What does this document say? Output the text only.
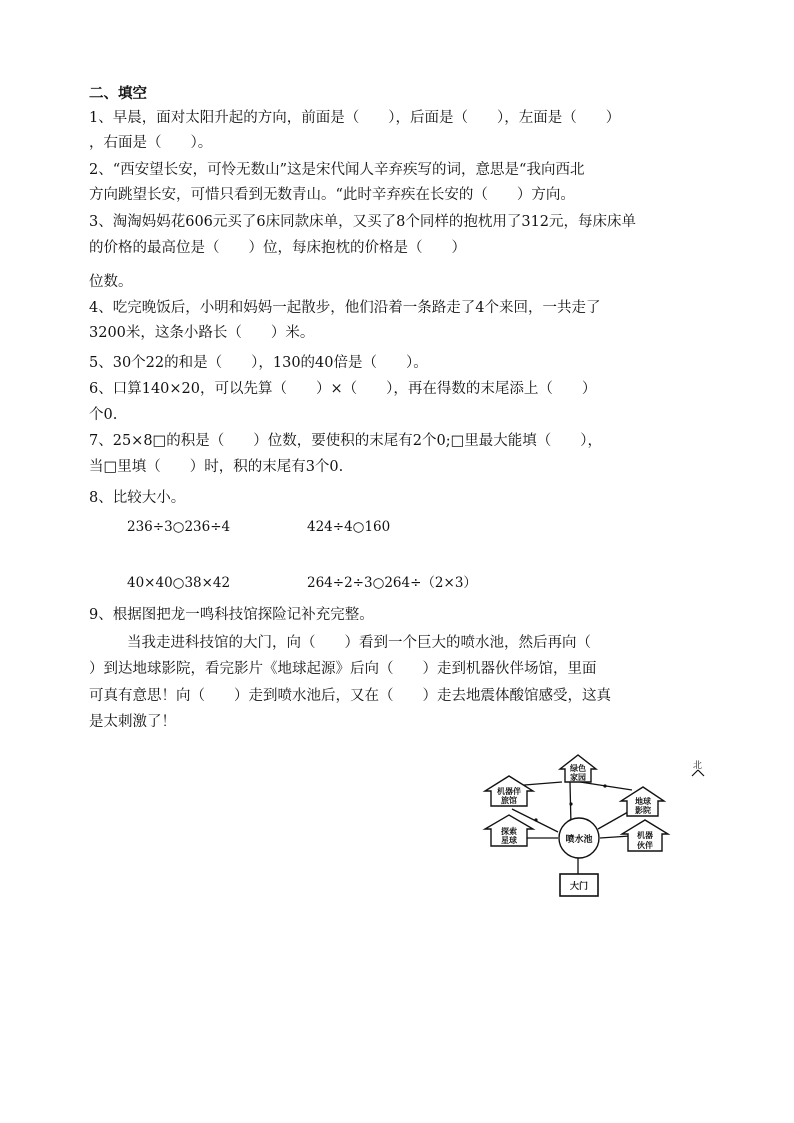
二、填空
1、早晨，面对太阳升起的方向，前面是（　　），后面是（　　），左面是（　　）
，右面是（　　）。
2、“西安望长安，可怜无数山”这是宋代闻人辛弃疾写的词，意思是“我向西北
方向跳望长安，可惜只看到无数青山。“此时辛弃疾在长安的（　　）方向。
3、淘淘妈妈花606元买了6床同款床单，又买了8个同样的抱枕用了312元，每床床单
的价格的最高位是（　　）位，每床抱枕的价格是（　　）
位数。
4、吃完晚饭后，小明和妈妈一起散步，他们沿着一条路走了4个来回，一共走了
3200米，这条小路长（　　）米。
5、30个22的和是（　　），130的40倍是（　　）。
6、口算140×20，可以先算（　　）×（　　），再在得数的末尾添上（　　）
个0.
7、25×8□的积是（　　）位数，要使积的末尾有2个0;□里最大能填（　　），
当□里填（　　）时，积的末尾有3个0.
8、比较大小。
236÷3○236÷4	424÷4○160
40×40○38×42	264÷2÷3○264÷（2×3）
9、根据图把龙一鸣科技馆探险记补充完整。
当我走进科技馆的大门，向（　　）看到一个巨大的喷水池，然后再向（
）到达地球影院，看完影片《地球起源》后向（　　）走到机器伙伴场馆，里面
可真有意思！向（　　）走到喷水池后，又在（　　）走去地震体酸馆感受，这真
是太刺激了！
北
绿色
家园
机器伴
旅馆
探索
星球
地球
影院
机器
伙伴
喷水池
大门
